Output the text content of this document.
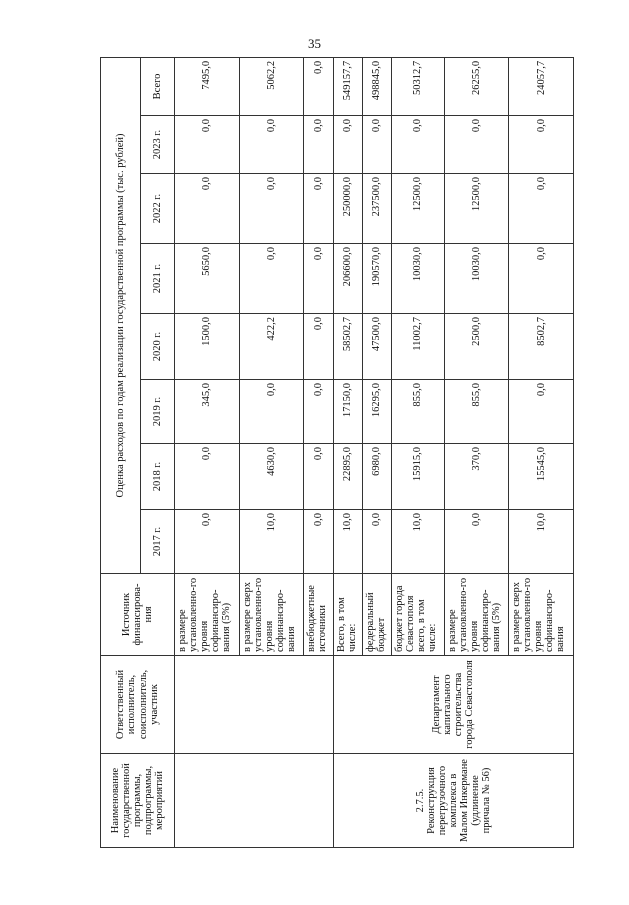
35
Наименование государственной программы, подпрограммы, мероприятий	Ответственный исполнитель, соисполнитель, участник	Источник финансирова-ния	Оценка расходов по годам реализации государственной программы (тыс. рублей)							
			2017 г.	2018 г.	2019 г.	2020 г.	2021 г.	2022 г.	2023 г.	Всего
		в размере установленно-го уровня софинансиро-вания (5%)	0,0	0,0	345,0	1500,0	5650,0	0,0	0,0	7495,0
		в размере сверх установленно-го уровня софинансиро-вания	10,0	4630,0	0,0	422,2	0,0	0,0	0,0	5062,2
		внебюджетные источники	0,0	0,0	0,0	0,0	0,0	0,0	0,0	0,0
2.7.5. Реконструкция перегрузочного комплекса в Малом Инкермане (удлинение причала № 56)	Департамент капитального строительства города Севастополя	Всего, в том числе:	10,0	22895,0	17150,0	58502,7	206600,0	250000,0	0,0	549157,7
		федеральный бюджет	0,0	6980,0	16295,0	47500,0	190570,0	237500,0	0,0	498845,0
		бюджет города Севастополя всего, в том числе:	10,0	15915,0	855,0	11002,7	10030,0	12500,0	0,0	50312,7
		в размере установленно-го уровня софинансиро-вания (5%)	0,0	370,0	855,0	2500,0	10030,0	12500,0	0,0	26255,0
		в размере сверх установленно-го уровня софинансиро-вания	10,0	15545,0	0,0	8502,7	0,0	0,0	0,0	24057,7
